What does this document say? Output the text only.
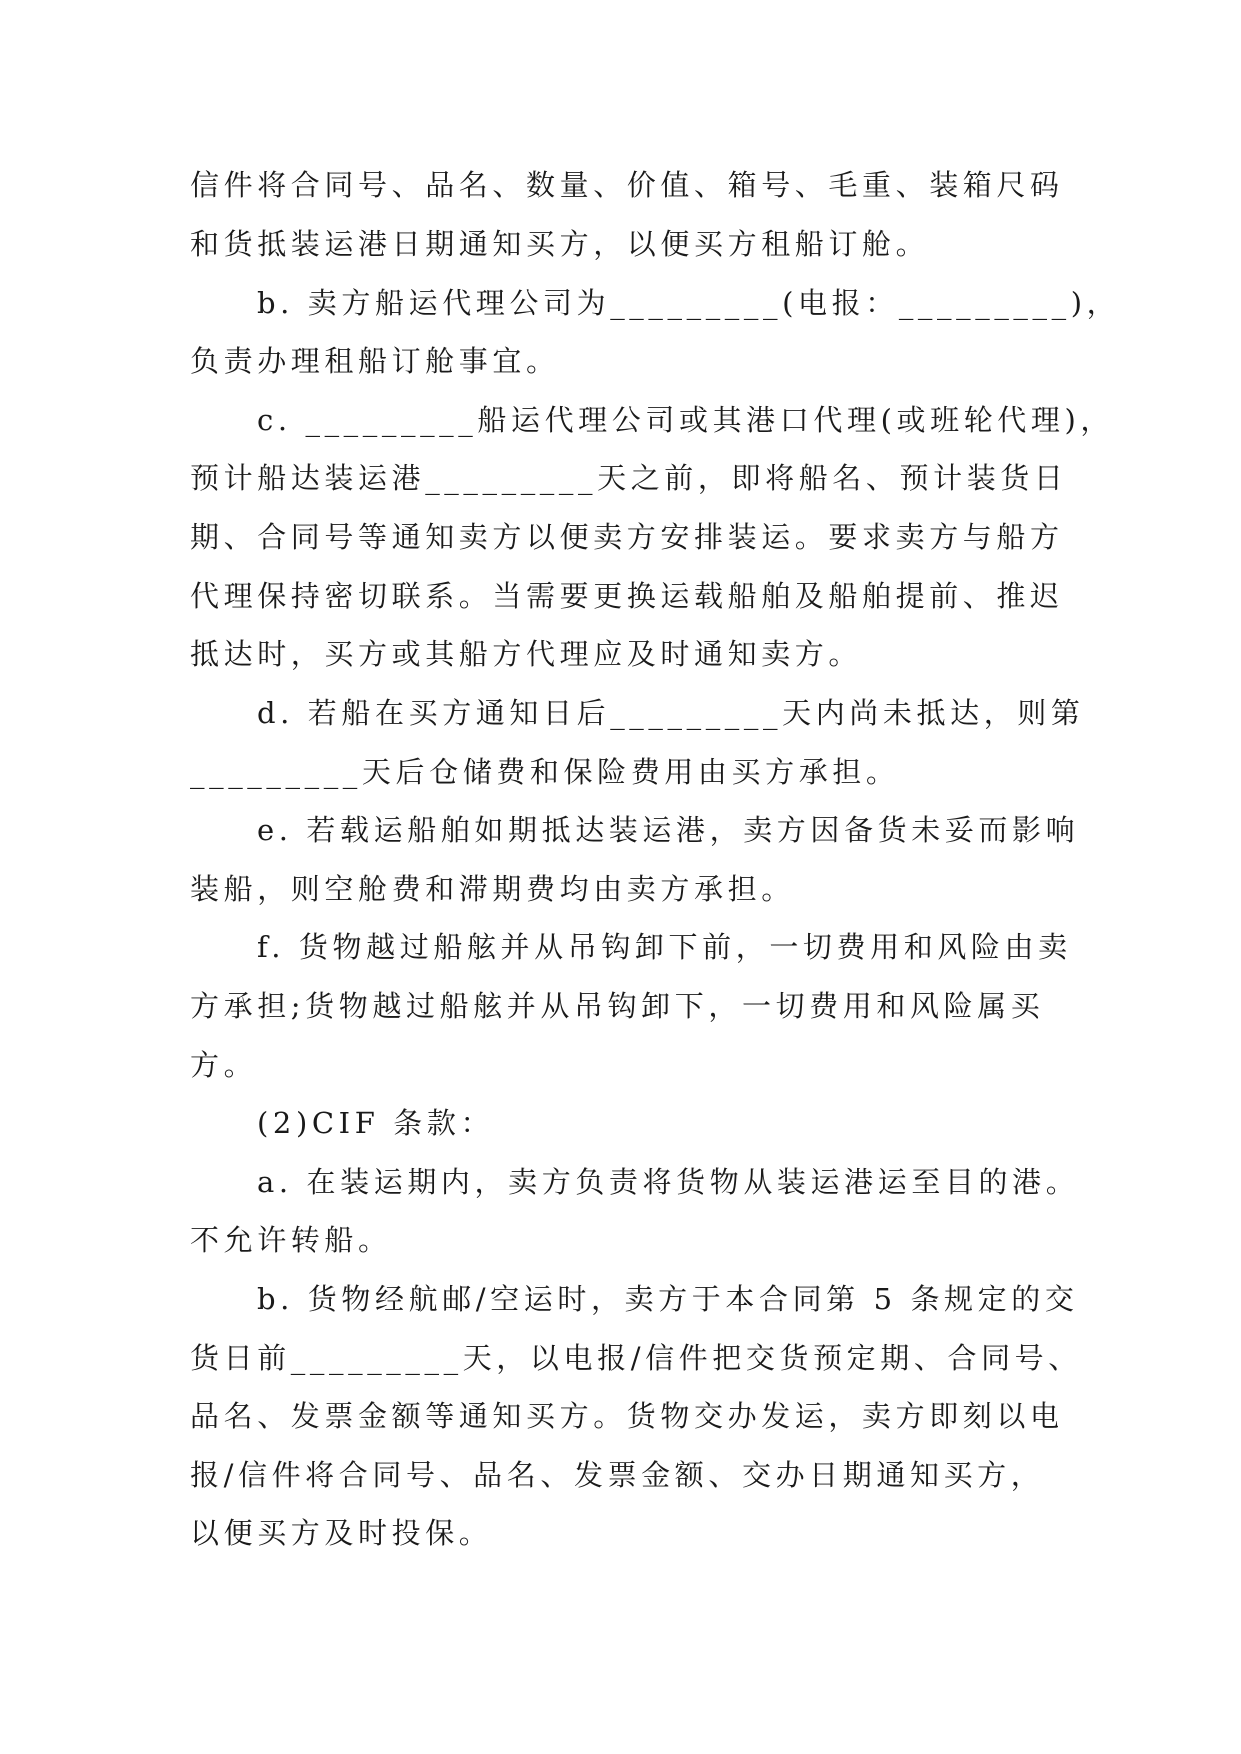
信件将合同号、品名、数量、价值、箱号、毛重、装箱尺码
和货抵装运港日期通知买方，以便买方租船订舱。
b. 卖方船运代理公司为_________(电报：_________)，
负责办理租船订舱事宜。
c. _________船运代理公司或其港口代理(或班轮代理)，
预计船达装运港_________天之前，即将船名、预计装货日
期、合同号等通知卖方以便卖方安排装运。要求卖方与船方
代理保持密切联系。当需要更换运载船舶及船舶提前、推迟
抵达时，买方或其船方代理应及时通知卖方。
d. 若船在买方通知日后_________天内尚未抵达，则第
_________天后仓储费和保险费用由买方承担。
e. 若载运船舶如期抵达装运港，卖方因备货未妥而影响
装船，则空舱费和滞期费均由卖方承担。
f. 货物越过船舷并从吊钩卸下前，一切费用和风险由卖
方承担;货物越过船舷并从吊钩卸下，一切费用和风险属买
方。
(2)CIF 条款：
a. 在装运期内，卖方负责将货物从装运港运至目的港。
不允许转船。
b. 货物经航邮/空运时，卖方于本合同第 5 条规定的交
货日前_________天，以电报/信件把交货预定期、合同号、
品名、发票金额等通知买方。货物交办发运，卖方即刻以电
报/信件将合同号、品名、发票金额、交办日期通知买方，
以便买方及时投保。
